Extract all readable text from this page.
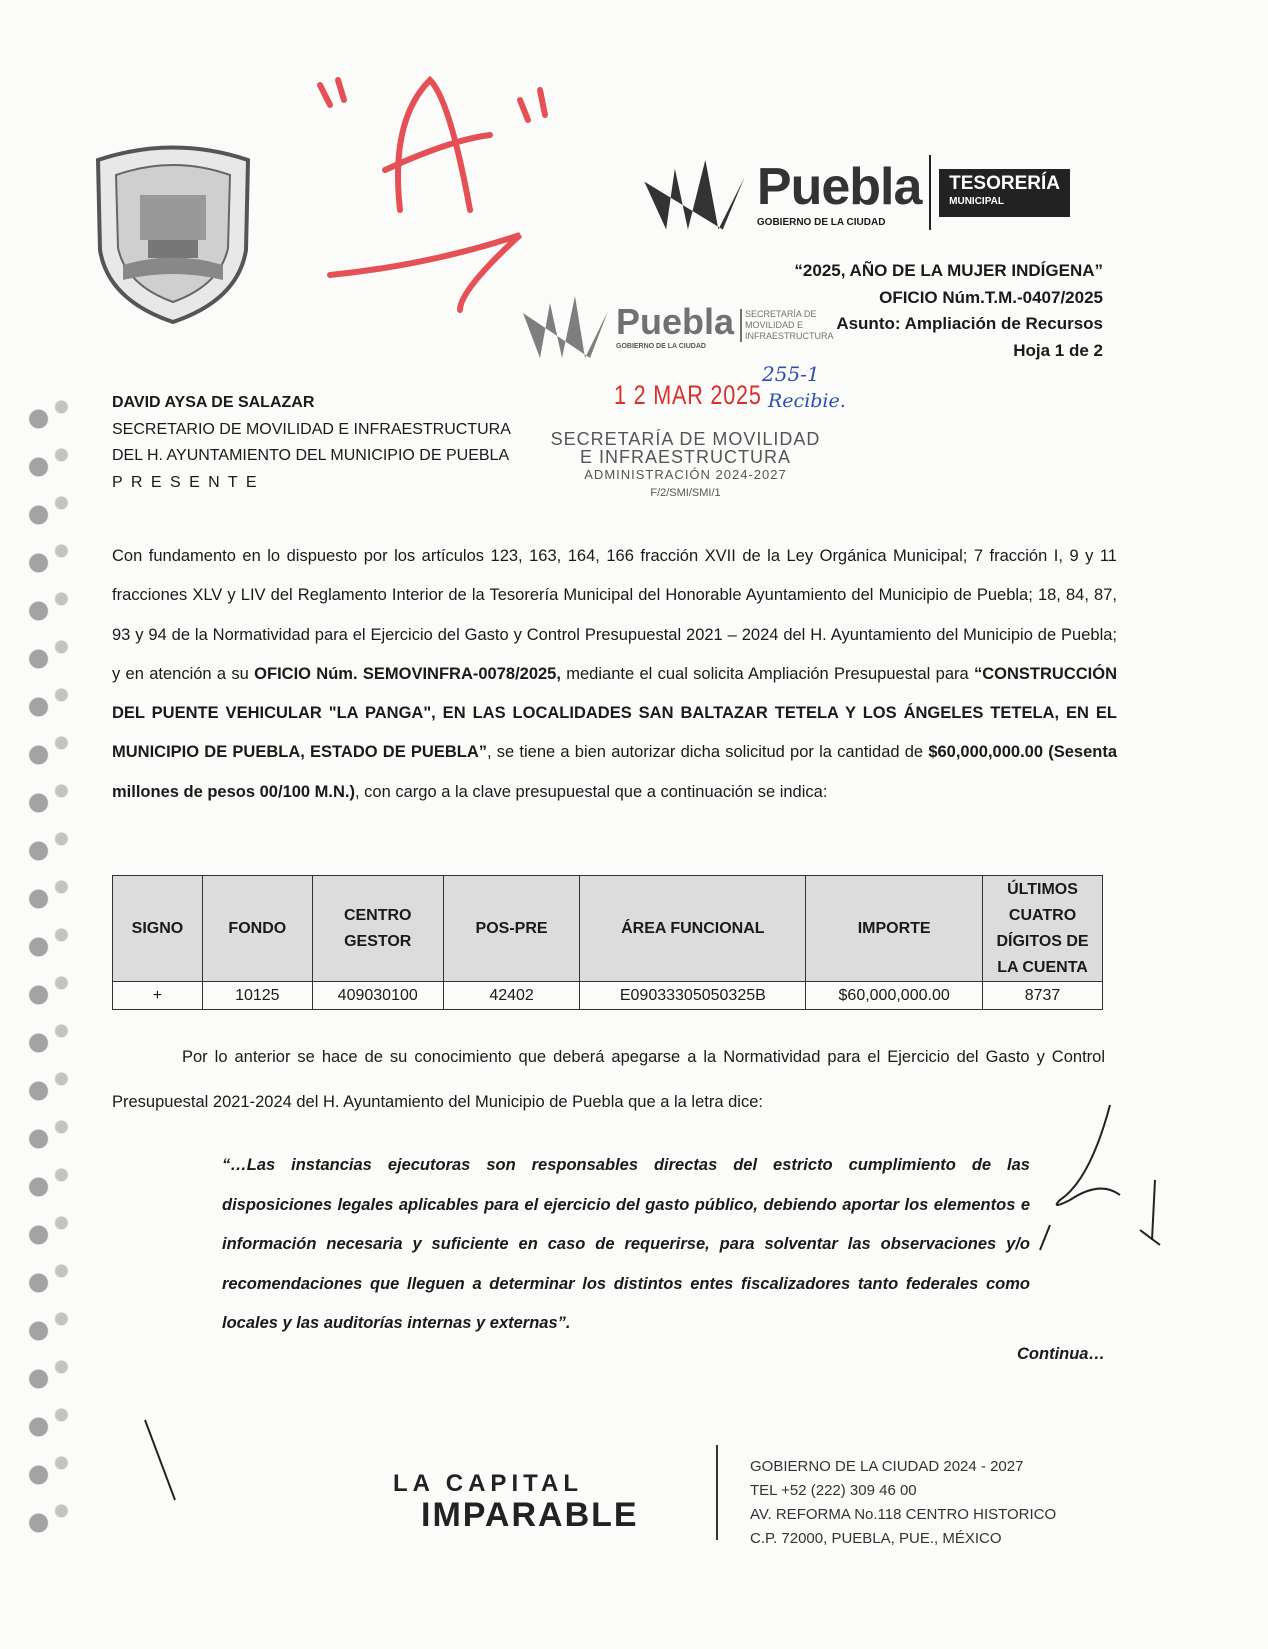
Puebla
GOBIERNO DE LA CIUDAD
TESORERÍA
MUNICIPAL
Puebla
GOBIERNO DE LA CIUDAD
SECRETARÍA DE MOVILIDAD E INFRAESTRUCTURA
“2025, AÑO DE LA MUJER INDÍGENA”
OFICIO Núm.T.M.-0407/2025
Asunto: Ampliación de Recursos
Hoja 1 de 2
1 2 MAR 2025
255-1
Recibie.
SECRETARÍA DE MOVILIDAD
E INFRAESTRUCTURA
ADMINISTRACIÓN 2024-2027
F/2/SMI/SMI/1
DAVID AYSA DE SALAZAR
SECRETARIO DE MOVILIDAD E INFRAESTRUCTURA
DEL H. AYUNTAMIENTO DEL MUNICIPIO DE PUEBLA
P R E S E N T E
Con fundamento en lo dispuesto por los artículos 123, 163, 164, 166 fracción XVII de la Ley Orgánica Municipal; 7 fracción I, 9 y 11 fracciones XLV y LIV del Reglamento Interior de la Tesorería Municipal del Honorable Ayuntamiento del Municipio de Puebla; 18, 84, 87, 93 y 94 de la Normatividad para el Ejercicio del Gasto y Control Presupuestal 2021 – 2024 del H. Ayuntamiento del Municipio de Puebla; y en atención a su OFICIO Núm. SEMOVINFRA-0078/2025, mediante el cual solicita Ampliación Presupuestal para “CONSTRUCCIÓN DEL PUENTE VEHICULAR "LA PANGA", EN LAS LOCALIDADES SAN BALTAZAR TETELA Y LOS ÁNGELES TETELA, EN EL MUNICIPIO DE PUEBLA, ESTADO DE PUEBLA”, se tiene a bien autorizar dicha solicitud por la cantidad de $60,000,000.00 (Sesenta millones de pesos 00/100 M.N.), con cargo a la clave presupuestal que a continuación se indica:
SIGNO	FONDO	CENTRO GESTOR	POS-PRE	ÁREA FUNCIONAL	IMPORTE	ÚLTIMOS CUATRO DÍGITOS DE LA CUENTA
+	10125	409030100	42402	E09033305050325B	$60,000,000.00	8737
Por lo anterior se hace de su conocimiento que deberá apegarse a la Normatividad para el Ejercicio del Gasto y Control Presupuestal 2021-2024 del H. Ayuntamiento del Municipio de Puebla que a la letra dice:
“…Las instancias ejecutoras son responsables directas del estricto cumplimiento de las disposiciones legales aplicables para el ejercicio del gasto público, debiendo aportar los elementos e información necesaria y suficiente en caso de requerirse, para solventar las observaciones y/o recomendaciones que lleguen a determinar los distintos entes fiscalizadores tanto federales como locales y las auditorías internas y externas”.
Continua…
LA CAPITAL
IMPARABLE
GOBIERNO DE LA CIUDAD 2024 - 2027
TEL +52 (222) 309 46 00
AV. REFORMA No.118 CENTRO HISTORICO
C.P. 72000, PUEBLA, PUE., MÉXICO
